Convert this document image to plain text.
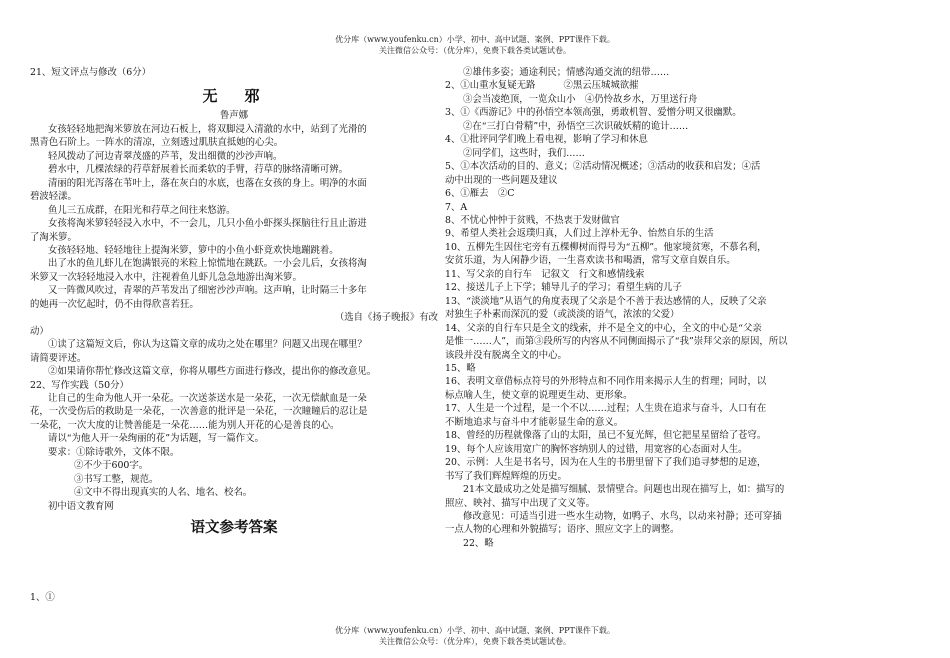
优分库（www.youfenku.cn）小学、初中、高中试题、案例、PPT课件下载。
关注微信公众号：（优分库），免费下载各类试题试卷。

21、短文评点与修改（6分）

无　邪

鲁声娜

女孩轻轻地把淘米箩放在河边石板上，将双脚浸入清澈的水中，站到了光滑的

黑青色石阶上。一阵水的清凉，立刻透过肌肤直抵她的心尖。

轻风拨动了河边青翠茂盛的芦苇，发出细微的沙沙声响。

碧水中，几棵浓绿的荇草舒展着长而柔软的手臂，荇草的脉络清晰可辨。

清丽的阳光泻落在苇叶上，落在灰白的水底，也落在女孩的身上。明净的水面

碧波轻漾。

鱼儿三五成群，在阳光和荇草之间往来悠游。

女孩将淘米箩轻轻浸入水中，不一会儿，几只小鱼小虾探头探脑往行且止游进

了淘米箩。

女孩轻轻地、轻轻地往上提淘米箩，箩中的小鱼小虾竟欢快地蹦跳着。

出了水的鱼儿虾儿在饱满银亮的米粒上惊慌地在跳跃。一小会儿后，女孩将淘

米箩又一次轻轻地浸入水中，注视着鱼儿虾儿急急地游出淘米箩。

又一阵微风吹过，青翠的芦苇发出了细密沙沙声响。这声响，让时隔三十多年

的她再一次忆起时，仍不由得欣喜若狂。

（选自《扬子晚报》有改

动）

①读了这篇短文后，你认为这篇文章的成功之处在哪里？问题又出现在哪里？

请简要评述。

②如果请你帮忙修改这篇文章，你将从哪些方面进行修改，提出你的修改意见。

22、写作实践（50分）

让自己的生命为他人开一朵花。一次送茶送水是一朵花，一次无偿献血是一朵

花，一次受伤后的救助是一朵花，一次善意的批评是一朵花，一次瞳瞳后的忍让是

一朵花，一次大度的让赞善能是一朵花……能为别人开花的心是善良的心。

请以“为他人开一朵绚丽的花”为话题，写一篇作文。

要求：①除诗歌外，文体不限。

②不少于600字。

③书写工整，规范。

④文中不得出现真实的人名、地名、校名。

初中语文教育网

语文参考答案

1、①

②雄伟多姿；通途利民；情感沟通交流的纽带……

2、①山重水复疑无路　　　②黑云压城城欲摧

③会当凌绝顶，一览众山小　④仍怜故乡水，万里送行舟

3、①《西游记》中的孙悟空本领高强，勇敢机智、爱憎分明又很幽默。

②在“三打白骨精”中，孙悟空三次识破妖精的诡计……

4、①批评同学们晚上看电视，影响了学习和休息

②同学们，这些时，我们……

5、①本次活动的目的、意义；②活动情况概述；③活动的收获和启发；④活

动中出现的一些问题及建议

6、①雁去　②C

7、A

8、不忧心忡忡于贫贱，不热衷于发财做官

9、希望人类社会返璞归真，人们过上淳朴无争、怡然自乐的生活

10、五柳先生因住宅旁有五棵柳树而得号为“五柳”。他家境贫寒，不慕名利，

安贫乐道，为人闲静少语，一生喜欢读书和喝酒，常写文章自娱自乐。

11、写父亲的自行车　记叙文　行文和感情线索

12、接送儿子上下学；辅导儿子的学习；看望生病的儿子

13、“淡淡地”从语气的角度表现了父亲是个不善于表达感情的人，反映了父亲

对独生子朴素而深沉的爱（或淡淡的语气，浓浓的父爱）

14、父亲的自行车只是全文的线索，并不是全文的中心，全文的中心是“父亲

是惟一……人”，而第③段所写的内容从不同侧面揭示了“我”崇拜父亲的原因，所以

该段并没有脱离全文的中心。

15、略

16、表明文章借标点符号的外形特点和不同作用来揭示人生的哲理；同时，以

标点喻人生，使文章的说理更生动、更形象。

17、人生是一个过程，是一个不以……过程；人生贵在追求与奋斗，人口有在

不断地追求与奋斗中才能彰显生命的意义。

18、曾经的历程就像落了山的太阳，虽已不复光辉，但它把星星留给了苍穹。

19、每个人应该用宽广的胸怀容纳别人的过错，用宽容的心态面对人生。

20、示例：人生是书名号，因为在人生的书册里留下了我们追寻梦想的足迹，

书写了我们辉煌辉煌的历史。

21本文最成功之处是描写细腻、景情壁合。问题也出现在描写上，如：描写的

照应、映衬、描写中出现了文义等。

修改意见：可适当引进一些水生动物，如鸭子、水鸟，以动来衬静；还可穿插

一点人物的心理和外貌描写；语序、照应文字上的调整。

22、略

优分库（www.youfenku.cn）小学、初中、高中试题、案例、PPT课件下载。
关注微信公众号：（优分库），免费下载各类试题试卷。
